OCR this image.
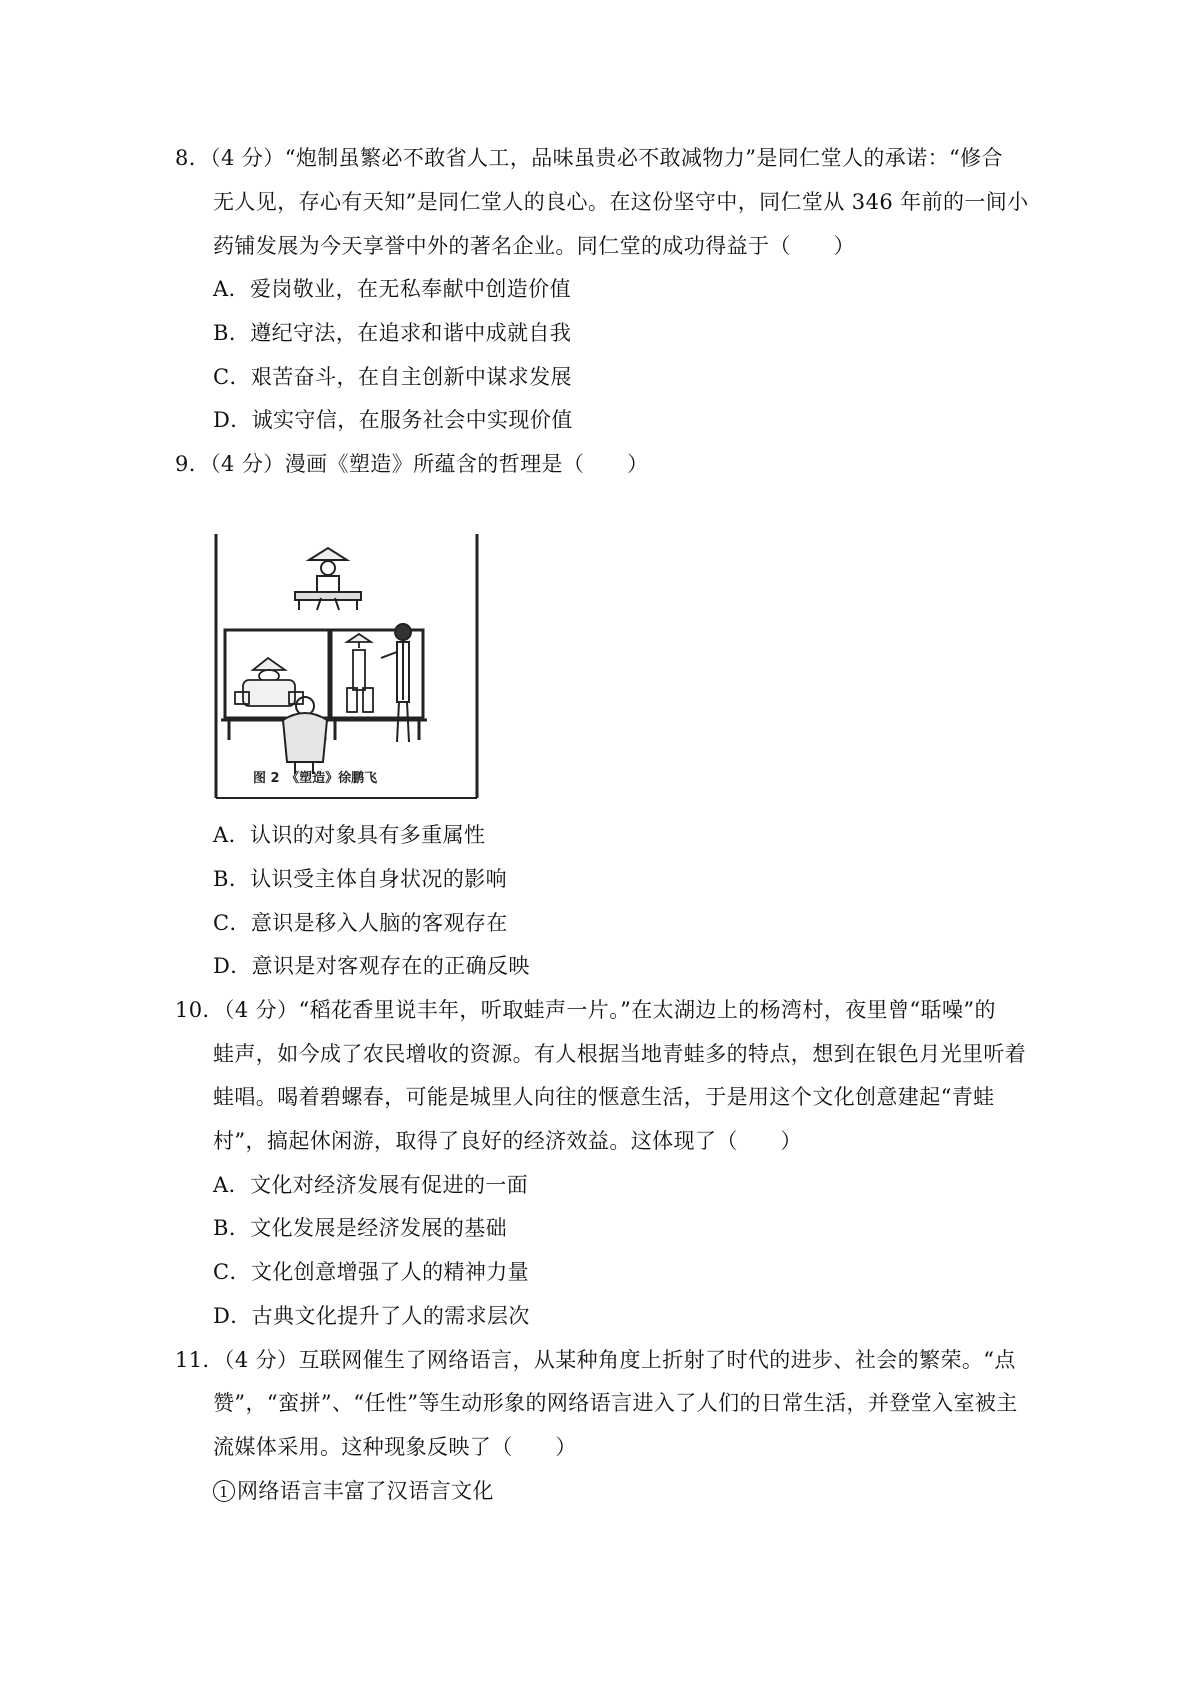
8．（4 分）“炮制虽繁必不敢省人工，品味虽贵必不敢减物力”是同仁堂人的承诺：“修合
无人见，存心有天知”是同仁堂人的良心。在这份坚守中，同仁堂从 346 年前的一间小
药铺发展为今天享誉中外的著名企业。同仁堂的成功得益于（　　）
A．爱岗敬业，在无私奉献中创造价值
B．遵纪守法，在追求和谐中成就自我
C．艰苦奋斗，在自主创新中谋求发展
D．诚实守信，在服务社会中实现价值
9．（4 分）漫画《塑造》所蕴含的哲理是（　　）
图 2　《塑造》徐鹏飞
A．认识的对象具有多重属性
B．认识受主体自身状况的影响
C．意识是移入人脑的客观存在
D．意识是对客观存在的正确反映
10．（4 分）“稻花香里说丰年，听取蛙声一片。”在太湖边上的杨湾村，夜里曾“聒噪”的
蛙声，如今成了农民增收的资源。有人根据当地青蛙多的特点，想到在银色月光里听着
蛙唱。喝着碧螺春，可能是城里人向往的惬意生活，于是用这个文化创意建起“青蛙
村”，搞起休闲游，取得了良好的经济效益。这体现了（　　）
A．文化对经济发展有促进的一面
B．文化发展是经济发展的基础
C．文化创意增强了人的精神力量
D．古典文化提升了人的需求层次
11．（4 分）互联网催生了网络语言，从某种角度上折射了时代的进步、社会的繁荣。“点
赞”，“蛮拼”、“任性”等生动形象的网络语言进入了人们的日常生活，并登堂入室被主
流媒体采用。这种现象反映了（　　）
1 网络语言丰富了汉语言文化
